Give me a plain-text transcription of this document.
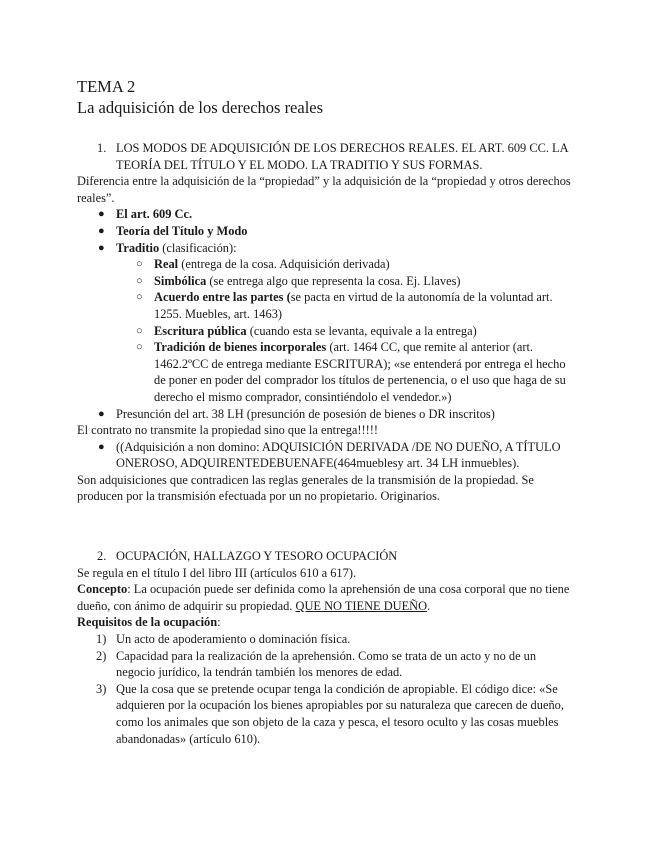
TEMA 2
La adquisición de los derechos reales
1. LOS MODOS DE ADQUISICIÓN DE LOS DERECHOS REALES. EL ART. 609 CC. LA TEORÍA DEL TÍTULO Y EL MODO. LA TRADITIO Y SUS FORMAS.
Diferencia entre la adquisición de la “propiedad” y la adquisición de la “propiedad y otros derechos reales”.
● El art. 609 Cc.
● Teoría del Título y Modo
● Traditio (clasificación):
○ Real (entrega de la cosa. Adquisición derivada)
○ Simbólica (se entrega algo que representa la cosa. Ej. Llaves)
○ Acuerdo entre las partes (se pacta en virtud de la autonomía de la voluntad art. 1255. Muebles, art. 1463)
○ Escritura pública (cuando esta se levanta, equivale a la entrega)
○ Tradición de bienes incorporales (art. 1464 CC, que remite al anterior (art. 1462.2ºCC de entrega mediante ESCRITURA); «se entenderá por entrega el hecho de poner en poder del comprador los títulos de pertenencia, o el uso que haga de su derecho el mismo comprador, consintiéndolo el vendedor.»)
● Presunción del art. 38 LH (presunción de posesión de bienes o DR inscritos)
El contrato no transmite la propiedad sino que la entrega!!!!!
● ((Adquisición a non domino: ADQUISICIÓN DERIVADA /DE NO DUEÑO, A TÍTULO ONEROSO, ADQUIRENTEDEBUENAFE(464mueblesy art. 34 LH inmuebles).
Son adquisiciones que contradicen las reglas generales de la transmisión de la propiedad. Se producen por la transmisión efectuada por un no propietario. Originarios.
2. OCUPACIÓN, HALLAZGO Y TESORO OCUPACIÓN
Se regula en el título I del libro III (artículos 610 a 617).
Concepto: La ocupación puede ser definida como la aprehensión de una cosa corporal que no tiene dueño, con ánimo de adquirir su propiedad. QUE NO TIENE DUEÑO.
Requisitos de la ocupación:
1) Un acto de apoderamiento o dominación física.
2) Capacidad para la realización de la aprehensión. Como se trata de un acto y no de un negocio jurídico, la tendrán también los menores de edad.
3) Que la cosa que se pretende ocupar tenga la condición de apropiable. El código dice: «Se adquieren por la ocupación los bienes apropiables por su naturaleza que carecen de dueño, como los animales que son objeto de la caza y pesca, el tesoro oculto y las cosas muebles abandonadas» (artículo 610).
